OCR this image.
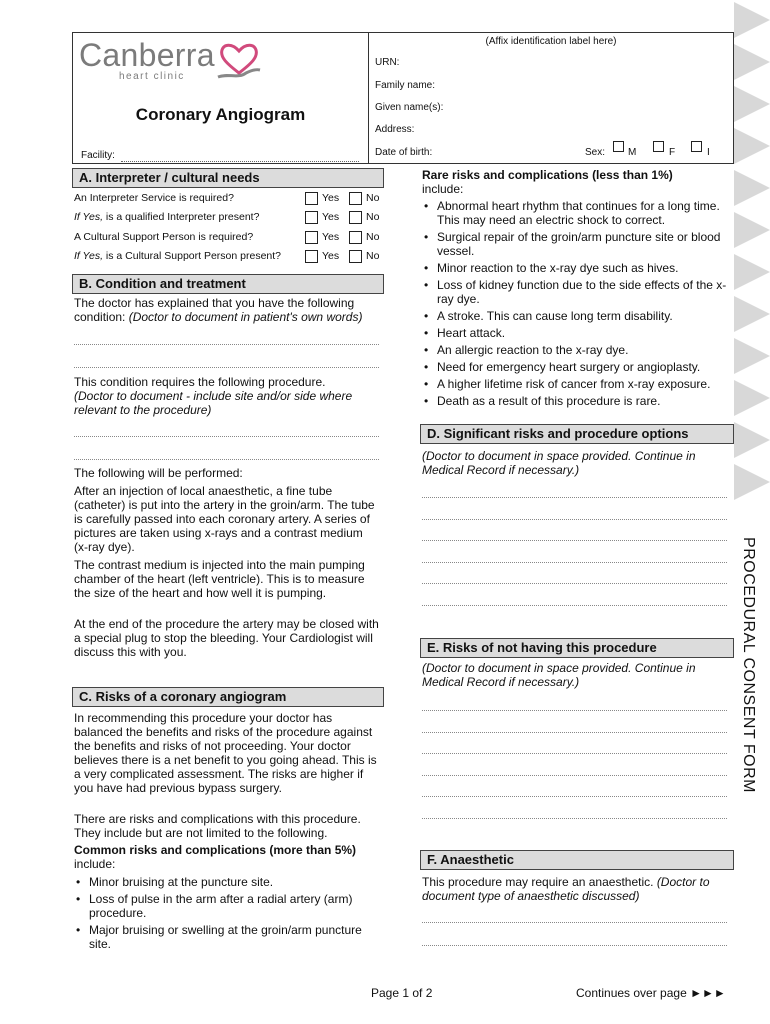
Canberra
heart clinic
Coronary Angiogram
Facility:
(Affix identification label here)
URN:
Family name:
Given name(s):
Address:
Date of birth:	Sex: M	F	I
A. Interpreter / cultural needs
An Interpreter Service is required?	Yes	No
If Yes, is a qualified Interpreter present?	Yes	No
A Cultural Support Person is required?	Yes	No
If Yes, is a Cultural Support Person present?	Yes	No
B. Condition and treatment
The doctor has explained that you have the following condition: (Doctor to document in patient's own words)
This condition requires the following procedure.
(Doctor to document - include site and/or side where relevant to the procedure)
The following will be performed:
After an injection of local anaesthetic, a fine tube (catheter) is put into the artery in the groin/arm. The tube is carefully passed into each coronary artery. A series of pictures are taken using x-rays and a contrast medium (x-ray dye).
The contrast medium is injected into the main pumping chamber of the heart (left ventricle). This is to measure the size of the heart and how well it is pumping.
At the end of the procedure the artery may be closed with a special plug to stop the bleeding. Your Cardiologist will discuss this with you.
C. Risks of a coronary angiogram
In recommending this procedure your doctor has balanced the benefits and risks of the procedure against the benefits and risks of not proceeding. Your doctor believes there is a net benefit to you going ahead. This is a very complicated assessment. The risks are higher if you have had previous bypass surgery.
There are risks and complications with this procedure. They include but are not limited to the following.
Common risks and complications (more than 5%)
include:
• Minor bruising at the puncture site.
• Loss of pulse in the arm after a radial artery (arm) procedure.
• Major bruising or swelling at the groin/arm puncture site.
Rare risks and complications (less than 1%)
include:
• Abnormal heart rhythm that continues for a long time. This may need an electric shock to correct.
• Surgical repair of the groin/arm puncture site or blood vessel.
• Minor reaction to the x-ray dye such as hives.
• Loss of kidney function due to the side effects of the x-ray dye.
• A stroke. This can cause long term disability.
• Heart attack.
• An allergic reaction to the x-ray dye.
• Need for emergency heart surgery or angioplasty.
• A higher lifetime risk of cancer from x-ray exposure.
• Death as a result of this procedure is rare.
D. Significant risks and procedure options
(Doctor to document in space provided. Continue in Medical Record if necessary.)
E. Risks of not having this procedure
(Doctor to document in space provided. Continue in Medical Record if necessary.)
F. Anaesthetic
This procedure may require an anaesthetic. (Doctor to document type of anaesthetic discussed)
PROCEDURAL CONSENT FORM
Page 1 of 2	Continues over page ►►►
